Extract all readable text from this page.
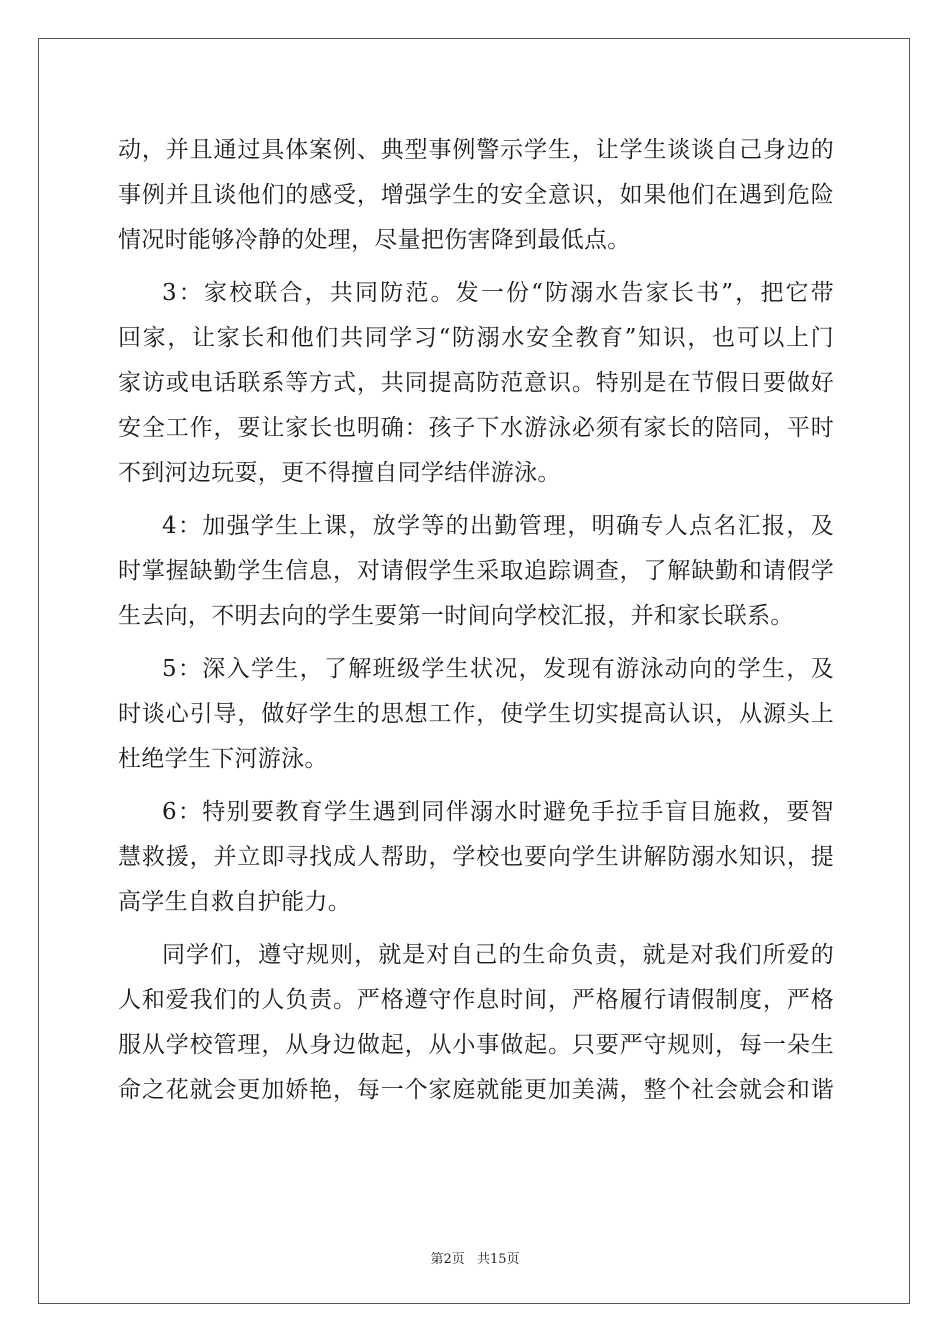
动，并且通过具体案例、典型事例警示学生，让学生谈谈自己身边的
事例并且谈他们的感受，增强学生的安全意识，如果他们在遇到危险
情况时能够冷静的处理，尽量把伤害降到最低点。
3：家校联合，共同防范。发一份“防溺水告家长书”，把它带
回家，让家长和他们共同学习“防溺水安全教育”知识，也可以上门
家访或电话联系等方式，共同提高防范意识。特别是在节假日要做好
安全工作，要让家长也明确：孩子下水游泳必须有家长的陪同，平时
不到河边玩耍，更不得擅自同学结伴游泳。
4：加强学生上课，放学等的出勤管理，明确专人点名汇报，及
时掌握缺勤学生信息，对请假学生采取追踪调查，了解缺勤和请假学
生去向，不明去向的学生要第一时间向学校汇报，并和家长联系。
5：深入学生，了解班级学生状况，发现有游泳动向的学生，及
时谈心引导，做好学生的思想工作，使学生切实提高认识，从源头上
杜绝学生下河游泳。
6：特别要教育学生遇到同伴溺水时避免手拉手盲目施救，要智
慧救援，并立即寻找成人帮助，学校也要向学生讲解防溺水知识，提
高学生自救自护能力。
同学们，遵守规则，就是对自己的生命负责，就是对我们所爱的
人和爱我们的人负责。严格遵守作息时间，严格履行请假制度，严格
服从学校管理，从身边做起，从小事做起。只要严守规则，每一朵生
命之花就会更加娇艳，每一个家庭就能更加美满，整个社会就会和谐
第2页 共15页
